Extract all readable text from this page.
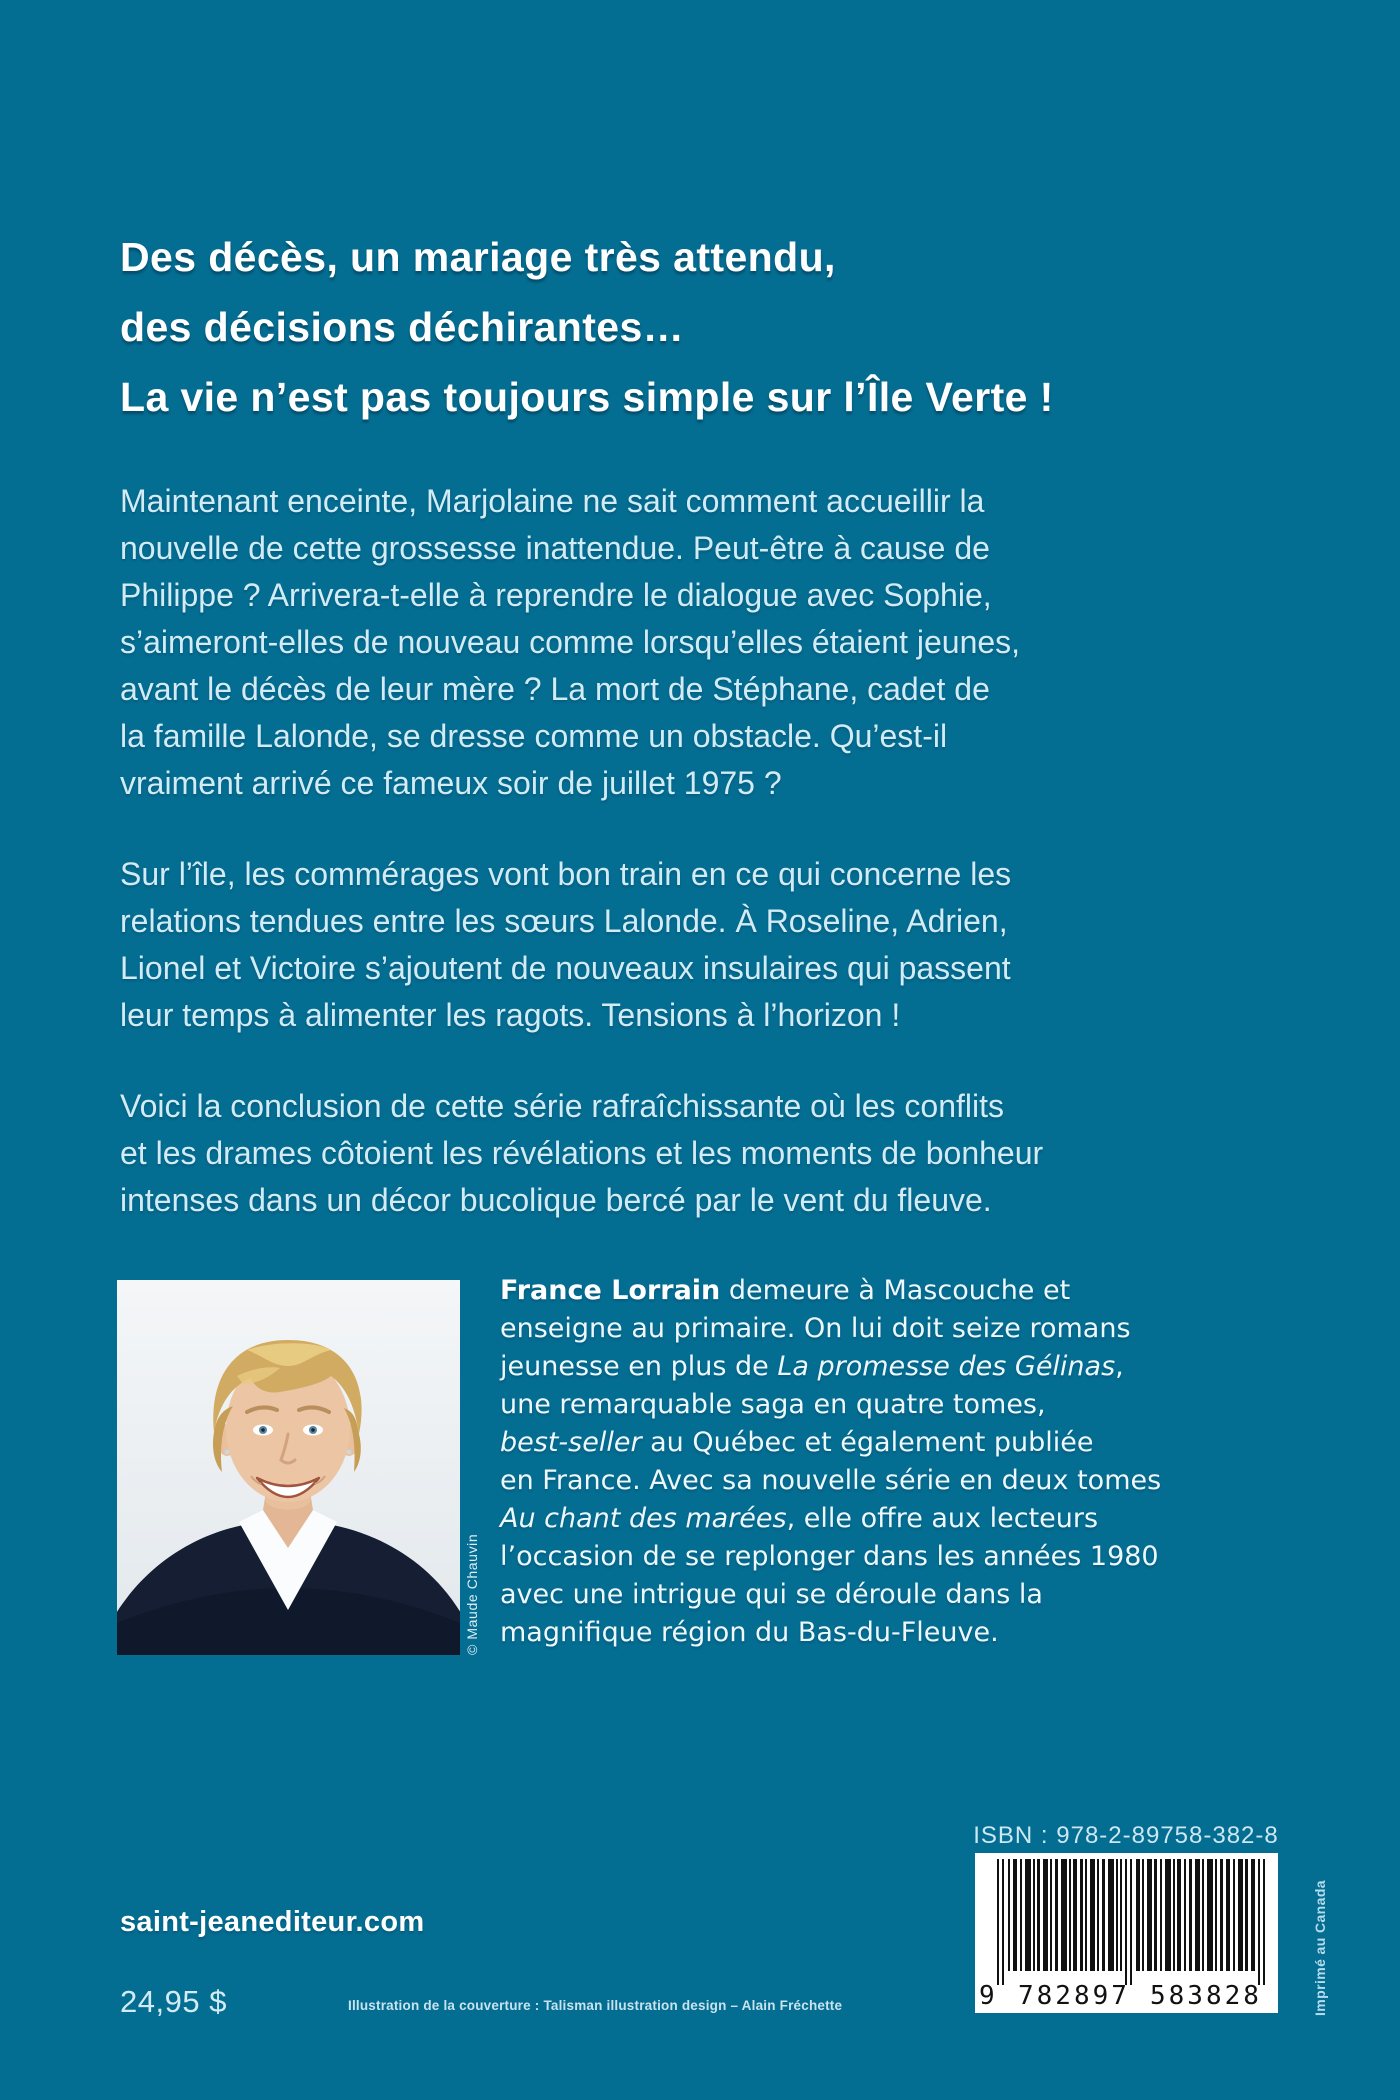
Des décès, un mariage très attendu,
des décisions déchirantes…
La vie n’est pas toujours simple sur l’Île Verte !
Maintenant enceinte, Marjolaine ne sait comment accueillir la
nouvelle de cette grossesse inattendue. Peut-être à cause de
Philippe ? Arrivera-t-elle à reprendre le dialogue avec Sophie,
s’aimeront-elles de nouveau comme lorsqu’elles étaient jeunes,
avant le décès de leur mère ? La mort de Stéphane, cadet de
la famille Lalonde, se dresse comme un obstacle. Qu’est-il
vraiment arrivé ce fameux soir de juillet 1975 ?
Sur l’île, les commérages vont bon train en ce qui concerne les
relations tendues entre les sœurs Lalonde. À Roseline, Adrien,
Lionel et Victoire s’ajoutent de nouveaux insulaires qui passent
leur temps à alimenter les ragots. Tensions à l’horizon !
Voici la conclusion de cette série rafraîchissante où les conflits
et les drames côtoient les révélations et les moments de bonheur
intenses dans un décor bucolique bercé par le vent du fleuve.
© Maude Chauvin
France Lorrain demeure à Mascouche et
enseigne au primaire. On lui doit seize romans
jeunesse en plus de La promesse des Gélinas,
une remarquable saga en quatre tomes,
best-seller au Québec et également publiée
en France. Avec sa nouvelle série en deux tomes
Au chant des marées, elle offre aux lecteurs
l’occasion de se replonger dans les années 1980
avec une intrigue qui se déroule dans la
magnifique région du Bas-du-Fleuve.
ISBN : 978-2-89758-382-8
9 782897 583828	Imprimé au Canada
saint-jeanediteur.com
24,95 $	Illustration de la couverture : Talisman illustration design – Alain Fréchette
